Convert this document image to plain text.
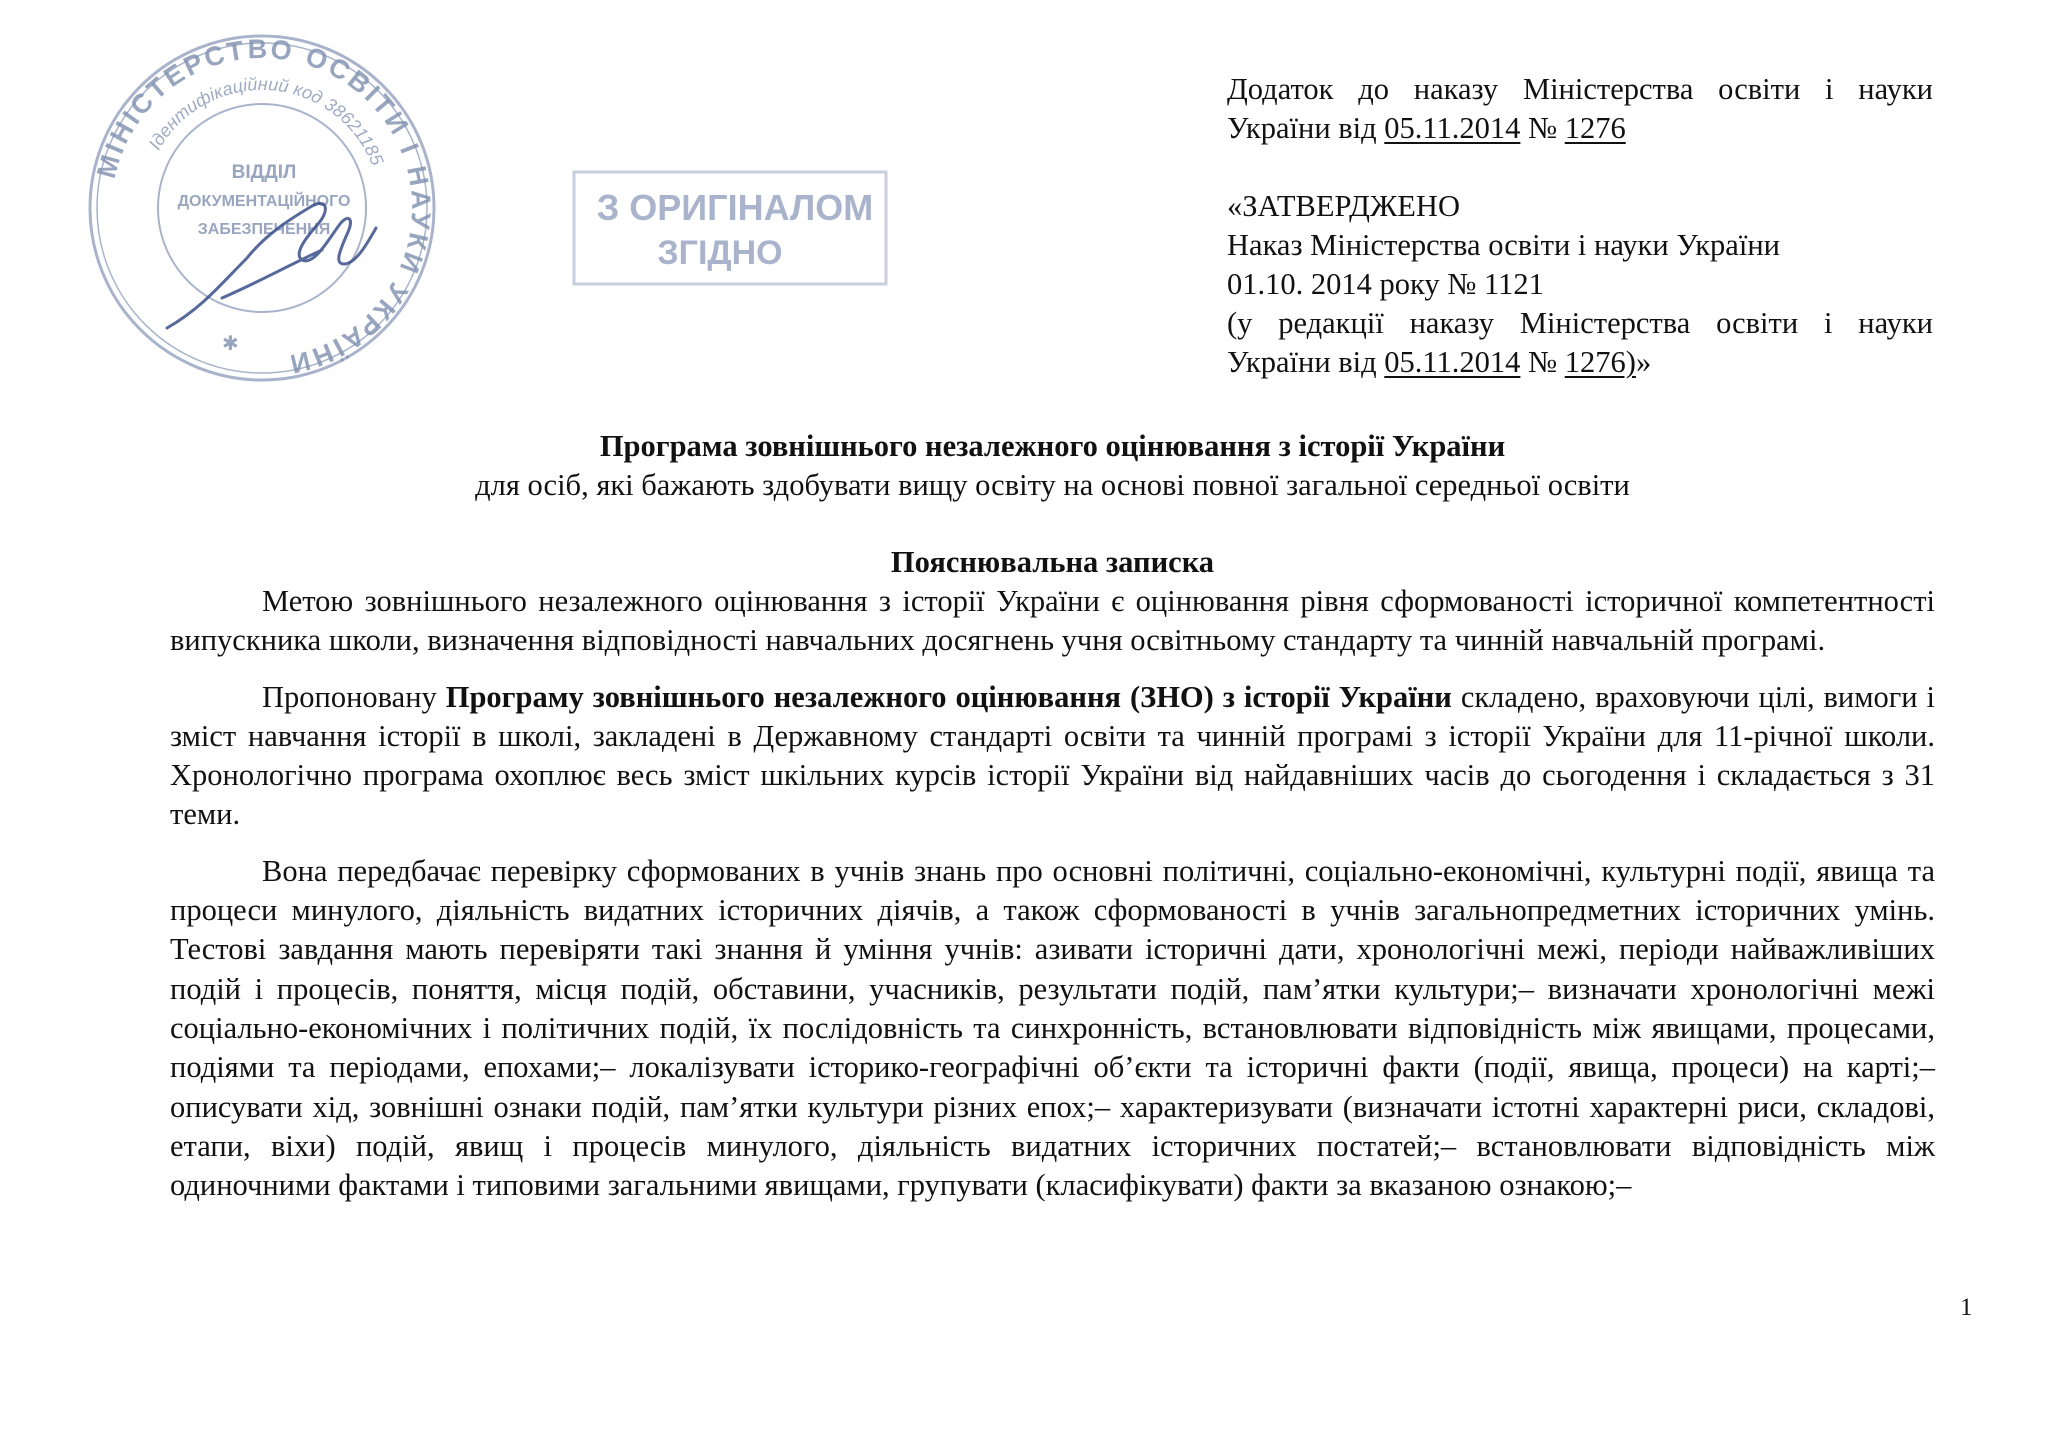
МІНІСТЕРСТВО ОСВІТИ І НАУКИ УКРАЇНИ
Ідентифікаційний код 38621185
ВІДДІЛ
ДОКУМЕНТАЦІЙНОГО
ЗАБЕЗПЕЧЕННЯ
✱
З ОРИГІНАЛОМ
ЗГІДНО
Додаток до наказу Міністерства освіти і науки
України від 05.11.2014 № 1276
«ЗАТВЕРДЖЕНО
Наказ Міністерства освіти і науки України
01.10. 2014 року № 1121
(у редакції наказу Міністерства освіти і науки
України від 05.11.2014 № 1276)»
Програма зовнішнього незалежного оцінювання з історії України
для осіб, які бажають здобувати вищу освіту на основі повної загальної середньої освіти
Пояснювальна записка

Метою зовнішнього незалежного оцінювання з історії України є оцінювання рівня сформованості історичної компетентності випускника школи, визначення відповідності навчальних досягнень учня освітньому стандарту та чинній навчальній програмі.

Пропоновану Програму зовнішнього незалежного оцінювання (ЗНО) з історії України складено, враховуючи цілі, вимоги і зміст навчання історії в школі, закладені в Державному стандарті освіти та чинній програмі з історії України для 11-річної школи. Хронологічно програма охоплює весь зміст шкільних курсів історії України від найдавніших часів до сьогодення і складається з 31 теми.

Вона передбачає перевірку сформованих в учнів знань про основні політичні, соціально-економічні, культурні події, явища та процеси минулого, діяльність видатних історичних діячів, а також сформованості в учнів загальнопредметних історичних умінь. Тестові завдання мають перевіряти такі знання й уміння учнів: азивати історичні дати, хронологічні межі, періоди найважливіших подій і процесів, поняття, місця подій, обставини, учасників, результати подій, пам’ятки культури;– визначати хронологічні межі соціально-економічних і політичних подій, їх послідовність та синхронність, встановлювати відповідність між явищами, процесами, подіями та періодами, епохами;– локалізувати історико-географічні об’єкти та історичні факти (події, явища, процеси) на карті;– описувати хід, зовнішні ознаки подій, пам’ятки культури різних епох;– характеризувати (визначати істотні характерні риси, складові, етапи, віхи) подій, явищ і процесів минулого, діяльність видатних історичних постатей;– встановлювати відповідність між одиночними фактами і типовими загальними явищами, групувати (класифікувати) факти за вказаною ознакою;–

1
